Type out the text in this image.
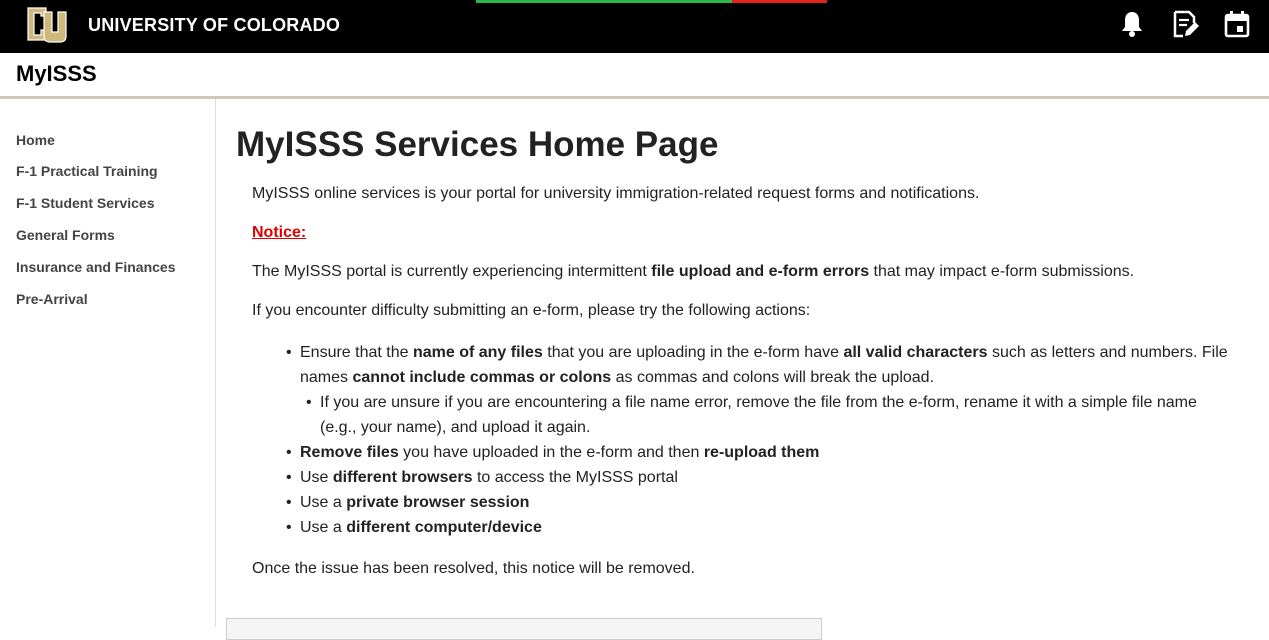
UNIVERSITY OF COLORADO
MyISSS
Home
F-1 Practical Training
F-1 Student Services
General Forms
Insurance and Finances
Pre-Arrival
MyISSS Services Home Page
MyISSS online services is your portal for university immigration-related request forms and notifications.
Notice:
The MyISSS portal is currently experiencing intermittent file upload and e-form errors that may impact e-form submissions.
If you encounter difficulty submitting an e-form, please try the following actions:
• Ensure that the name of any files that you are uploading in the e-form have all valid characters such as letters and numbers. File names cannot include commas or colons as commas and colons will break the upload.
• If you are unsure if you are encountering a file name error, remove the file from the e-form, rename it with a simple file name (e.g., your name), and upload it again.
• Remove files you have uploaded in the e-form and then re-upload them
• Use different browsers to access the MyISSS portal
• Use a private browser session
• Use a different computer/device
Once the issue has been resolved, this notice will be removed.
